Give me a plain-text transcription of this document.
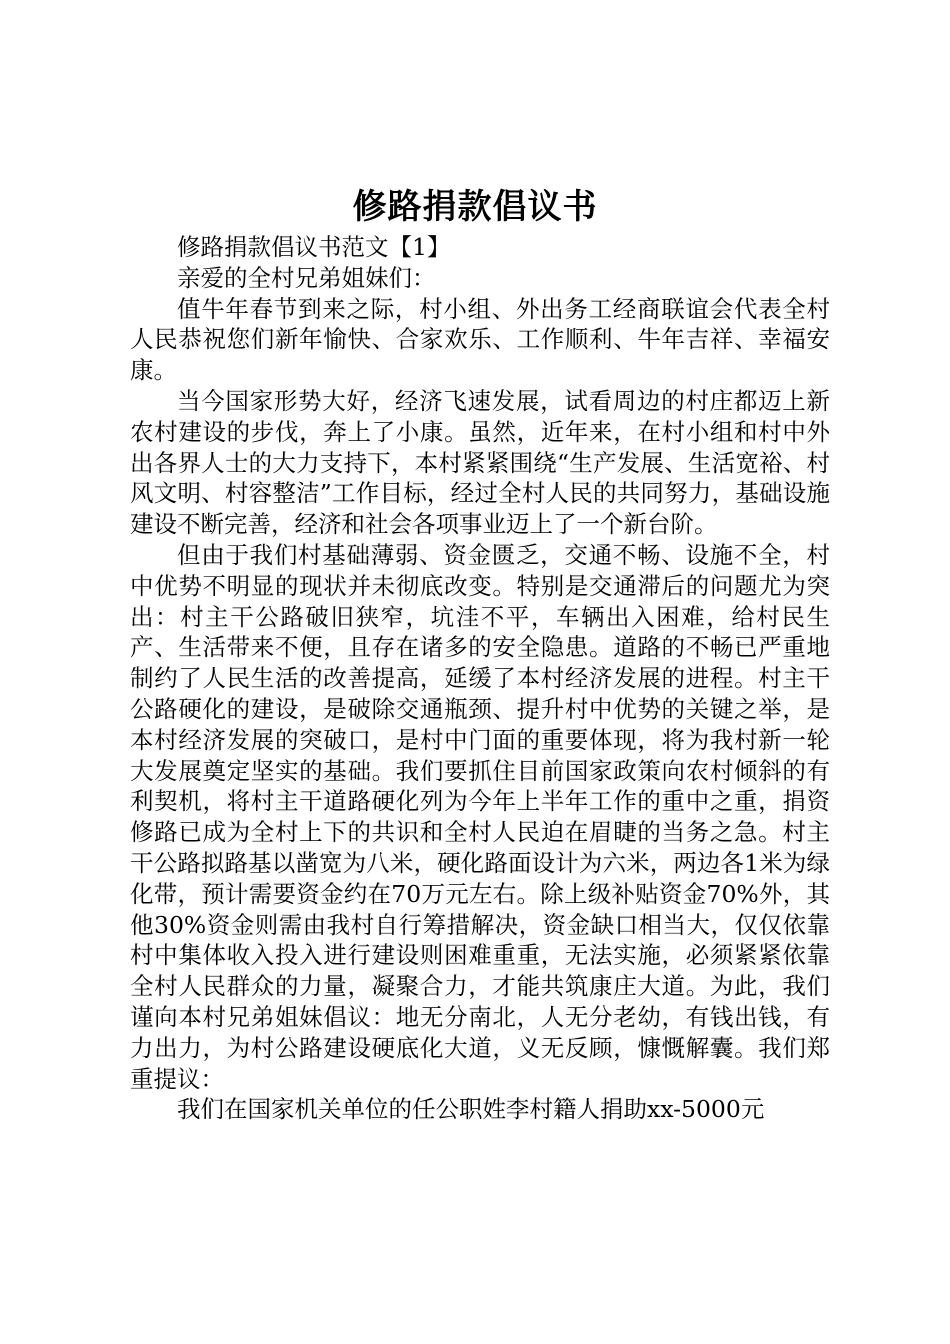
修路捐款倡议书

修路捐款倡议书范文【1】

亲爱的全村兄弟姐妹们：

值牛年春节到来之际，村小组、外出务工经商联谊会代表全村人民恭祝您们新年愉快、合家欢乐、工作顺利、牛年吉祥、幸福安康。

当今国家形势大好，经济飞速发展，试看周边的村庄都迈上新农村建设的步伐，奔上了小康。虽然，近年来，在村小组和村中外出各界人士的大力支持下，本村紧紧围绕“生产发展、生活宽裕、村风文明、村容整洁”工作目标，经过全村人民的共同努力，基础设施建设不断完善，经济和社会各项事业迈上了一个新台阶。

但由于我们村基础薄弱、资金匮乏，交通不畅、设施不全，村中优势不明显的现状并未彻底改变。特别是交通滞后的问题尤为突出：村主干公路破旧狭窄，坑洼不平，车辆出入困难，给村民生产、生活带来不便，且存在诸多的安全隐患。道路的不畅已严重地制约了人民生活的改善提高，延缓了本村经济发展的进程。村主干公路硬化的建设，是破除交通瓶颈、提升村中优势的关键之举，是本村经济发展的突破口，是村中门面的重要体现，将为我村新一轮大发展奠定坚实的基础。我们要抓住目前国家政策向农村倾斜的有利契机，将村主干道路硬化列为今年上半年工作的重中之重，捐资修路已成为全村上下的共识和全村人民迫在眉睫的当务之急。村主干公路拟路基以凿宽为八米，硬化路面设计为六米，两边各1米为绿化带，预计需要资金约在70万元左右。除上级补贴资金70%外，其他30%资金则需由我村自行筹措解决，资金缺口相当大，仅仅依靠村中集体收入投入进行建设则困难重重，无法实施，必须紧紧依靠全村人民群众的力量，凝聚合力，才能共筑康庄大道。为此，我们谨向本村兄弟姐妹倡议：地无分南北，人无分老幼，有钱出钱，有力出力，为村公路建设硬底化大道，义无反顾，慷慨解囊。我们郑重提议：

我们在国家机关单位的任公职姓李村籍人捐助xx-5000元
